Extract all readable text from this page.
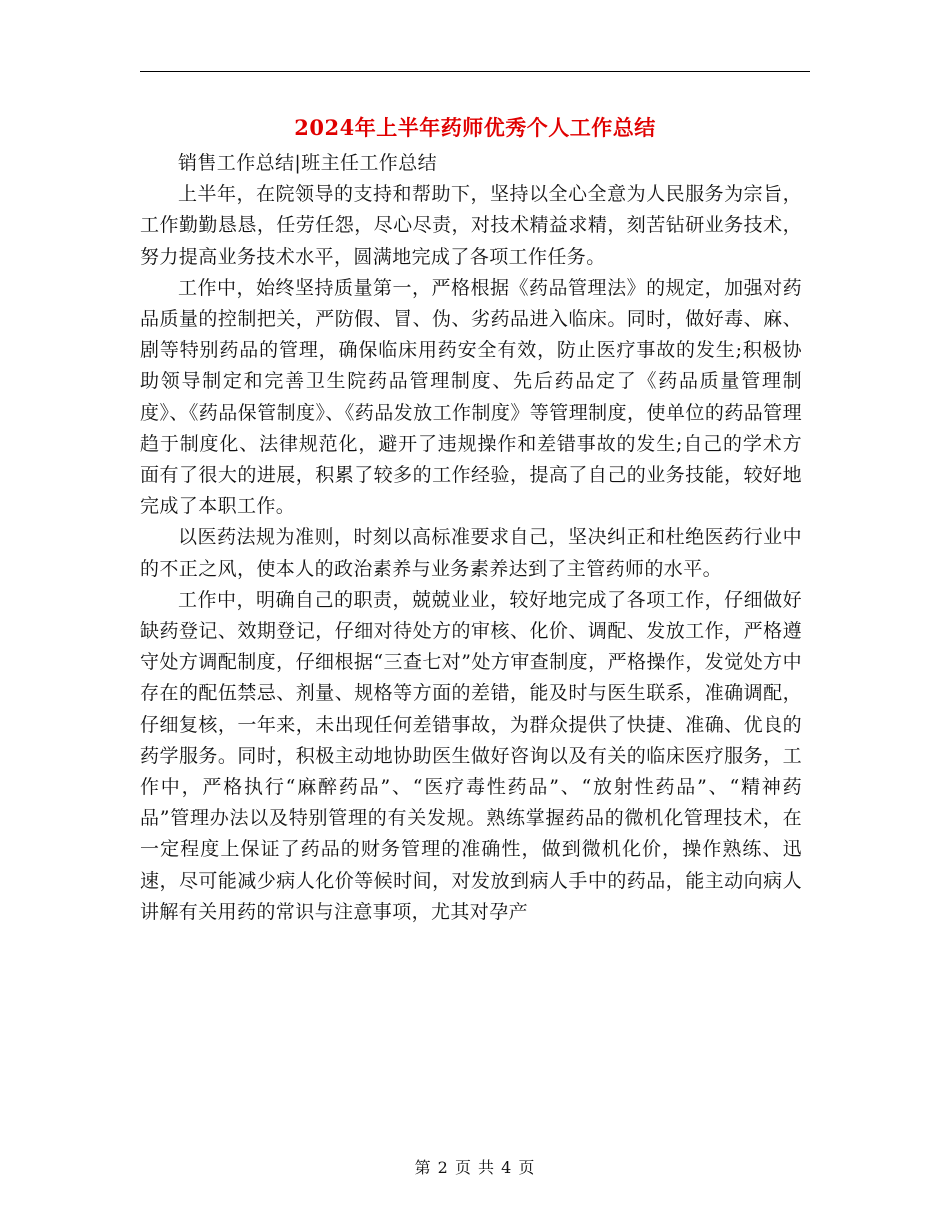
2024年上半年药师优秀个人工作总结

销售工作总结|班主任工作总结

上半年，在院领导的支持和帮助下，坚持以全心全意为人民服务为宗旨，工作勤勤恳恳，任劳任怨，尽心尽责，对技术精益求精，刻苦钻研业务技术，努力提高业务技术水平，圆满地完成了各项工作任务。

工作中，始终坚持质量第一，严格根据《药品管理法》的规定，加强对药品质量的控制把关，严防假、冒、伪、劣药品进入临床。同时，做好毒、麻、剧等特别药品的管理，确保临床用药安全有效，防止医疗事故的发生;积极协助领导制定和完善卫生院药品管理制度、先后药品定了《药品质量管理制度》、《药品保管制度》、《药品发放工作制度》等管理制度，使单位的药品管理趋于制度化、法律规范化，避开了违规操作和差错事故的发生;自己的学术方面有了很大的进展，积累了较多的工作经验，提高了自己的业务技能，较好地完成了本职工作。

以医药法规为准则，时刻以高标准要求自己，坚决纠正和杜绝医药行业中的不正之风，使本人的政治素养与业务素养达到了主管药师的水平。

工作中，明确自己的职责，兢兢业业，较好地完成了各项工作，仔细做好缺药登记、效期登记，仔细对待处方的审核、化价、调配、发放工作，严格遵守处方调配制度，仔细根据“三查七对”处方审查制度，严格操作，发觉处方中存在的配伍禁忌、剂量、规格等方面的差错，能及时与医生联系，准确调配，仔细复核，一年来，未出现任何差错事故，为群众提供了快捷、准确、优良的药学服务。同时，积极主动地协助医生做好咨询以及有关的临床医疗服务，工作中，严格执行“麻醉药品”、“医疗毒性药品”、“放射性药品”、“精神药品”管理办法以及特别管理的有关发规。熟练掌握药品的微机化管理技术，在一定程度上保证了药品的财务管理的准确性，做到微机化价，操作熟练、迅速，尽可能减少病人化价等候时间，对发放到病人手中的药品，能主动向病人讲解有关用药的常识与注意事项，尤其对孕产

第 2 页 共 4 页
